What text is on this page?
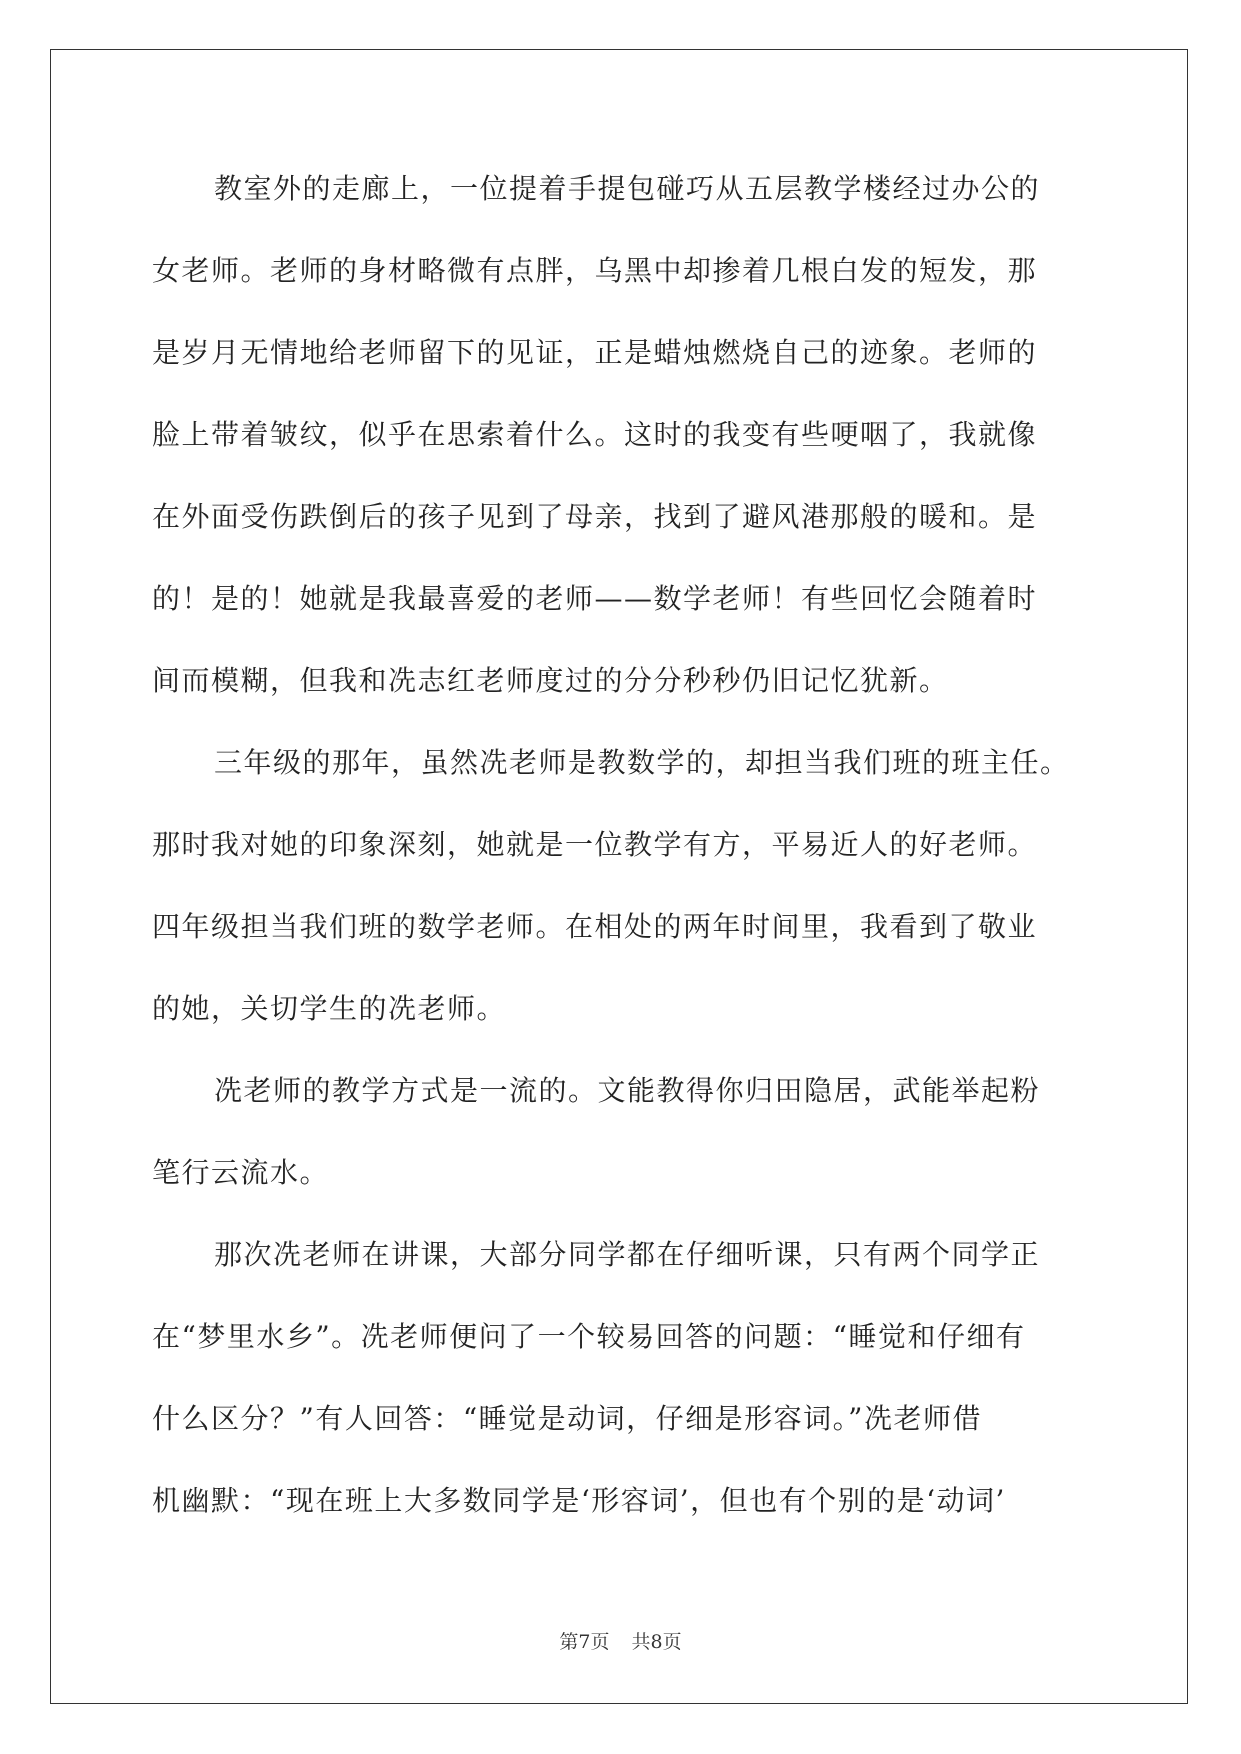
教室外的走廊上，一位提着手提包碰巧从五层教学楼经过办公的
女老师。老师的身材略微有点胖，乌黑中却掺着几根白发的短发，那
是岁月无情地给老师留下的见证，正是蜡烛燃烧自己的迹象。老师的
脸上带着皱纹，似乎在思索着什么。这时的我变有些哽咽了，我就像
在外面受伤跌倒后的孩子见到了母亲，找到了避风港那般的暖和。是
的！是的！她就是我最喜爱的老师——数学老师！有些回忆会随着时
间而模糊，但我和冼志红老师度过的分分秒秒仍旧记忆犹新。
三年级的那年，虽然冼老师是教数学的，却担当我们班的班主任。
那时我对她的印象深刻，她就是一位教学有方，平易近人的好老师。
四年级担当我们班的数学老师。在相处的两年时间里，我看到了敬业
的她，关切学生的冼老师。
冼老师的教学方式是一流的。文能教得你归田隐居，武能举起粉
笔行云流水。
那次冼老师在讲课，大部分同学都在仔细听课，只有两个同学正
在“梦里水乡”。冼老师便问了一个较易回答的问题：“睡觉和仔细有
什么区分？”有人回答：“睡觉是动词，仔细是形容词。”冼老师借
机幽默：“现在班上大多数同学是‘形容词’，但也有个别的是‘动词’
第7页 共8页
